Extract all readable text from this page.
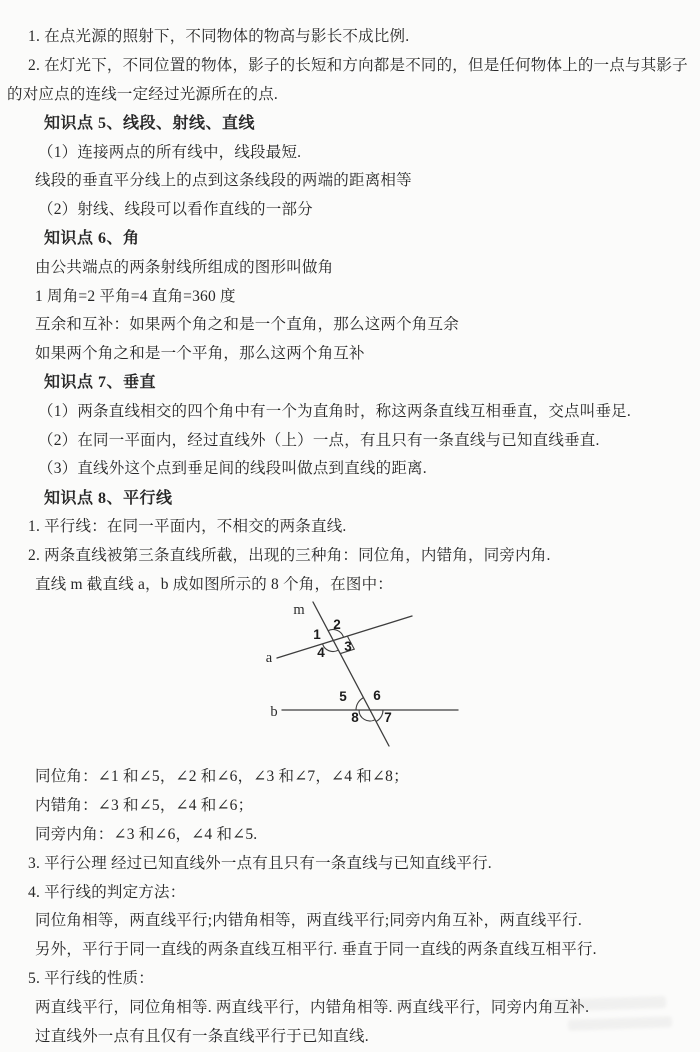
1. 在点光源的照射下，不同物体的物高与影长不成比例.
2. 在灯光下，不同位置的物体，影子的长短和方向都是不同的，但是任何物体上的一点与其影子
的对应点的连线一定经过光源所在的点.
知识点 5、线段、射线、直线
（1）连接两点的所有线中，线段最短.
线段的垂直平分线上的点到这条线段的两端的距离相等
（2）射线、线段可以看作直线的一部分
知识点 6、角
由公共端点的两条射线所组成的图形叫做角
1 周角=2 平角=4 直角=360 度
互余和互补：如果两个角之和是一个直角，那么这两个角互余
如果两个角之和是一个平角，那么这两个角互补
知识点 7、垂直
（1）两条直线相交的四个角中有一个为直角时，称这两条直线互相垂直，交点叫垂足.
（2）在同一平面内，经过直线外（上）一点，有且只有一条直线与已知直线垂直.
（3）直线外这个点到垂足间的线段叫做点到直线的距离.
知识点 8、平行线
1. 平行线：在同一平面内，不相交的两条直线.
2. 两条直线被第三条直线所截，出现的三种角：同位角，内错角，同旁内角.
直线 m 截直线 a，b 成如图所示的 8 个角，在图中：
m
a
b
1
2
3
4
5 6
7
8
同位角：∠1 和∠5，∠2 和∠6，∠3 和∠7，∠4 和∠8；
内错角：∠3 和∠5，∠4 和∠6；
同旁内角：∠3 和∠6，∠4 和∠5.
3. 平行公理 经过已知直线外一点有且只有一条直线与已知直线平行.
4. 平行线的判定方法：
同位角相等，两直线平行;内错角相等，两直线平行;同旁内角互补，两直线平行.
另外，平行于同一直线的两条直线互相平行. 垂直于同一直线的两条直线互相平行.
5. 平行线的性质：
两直线平行，同位角相等. 两直线平行，内错角相等. 两直线平行，同旁内角互补.
过直线外一点有且仅有一条直线平行于已知直线.
